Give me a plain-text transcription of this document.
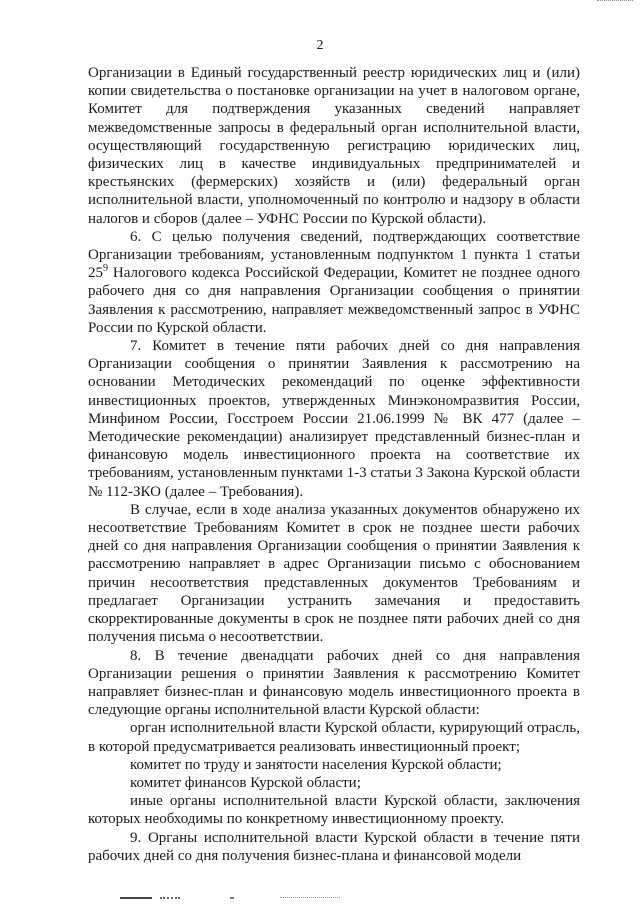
2

Организации в Единый государственный реестр юридических лиц и (или) копии свидетельства о постановке организации на учет в налоговом органе, Комитет для подтверждения указанных сведений направляет межведомственные запросы в федеральный орган исполнительной власти, осуществляющий государственную регистрацию юридических лиц, физических лиц в качестве индивидуальных предпринимателей и крестьянских (фермерских) хозяйств и (или) федеральный орган исполнительной власти, уполномоченный по контролю и надзору в области налогов и сборов (далее – УФНС России по Курской области).

6. С целью получения сведений, подтверждающих соответствие Организации требованиям, установленным подпунктом 1 пункта 1 статьи $25^9$ Налогового кодекса Российской Федерации, Комитет не позднее одного рабочего дня со дня направления Организации сообщения о принятии Заявления к рассмотрению, направляет межведомственный запрос в УФНС России по Курской области.

7. Комитет в течение пяти рабочих дней со дня направления Организации сообщения о принятии Заявления к рассмотрению на основании Методических рекомендаций по оценке эффективности инвестиционных проектов, утвержденных Минэкономразвития России, Минфином России, Госстроем России 21.06.1999 № ВК 477 (далее – Методические рекомендации) анализирует представленный бизнес-план и финансовую модель инвестиционного проекта на соответствие их требованиям, установленным пунктами 1-3 статьи 3 Закона Курской области № 112-ЗКО (далее – Требования).

В случае, если в ходе анализа указанных документов обнаружено их несоответствие Требованиям Комитет в срок не позднее шести рабочих дней со дня направления Организации сообщения о принятии Заявления к рассмотрению направляет в адрес Организации письмо с обоснованием причин несоответствия представленных документов Требованиям и предлагает Организации устранить замечания и предоставить скорректированные документы в срок не позднее пяти рабочих дней со дня получения письма о несоответствии.

8. В течение двенадцати рабочих дней со дня направления Организации решения о принятии Заявления к рассмотрению Комитет направляет бизнес-план и финансовую модель инвестиционного проекта в следующие органы исполнительной власти Курской области:

орган исполнительной власти Курской области, курирующий отрасль, в которой предусматривается реализовать инвестиционный проект;

комитет по труду и занятости населения Курской области;

комитет финансов Курской области;

иные органы исполнительной власти Курской области, заключения которых необходимы по конкретному инвестиционному проекту.

9. Органы исполнительной власти Курской области в течение пяти рабочих дней со дня получения бизнес-плана и финансовой модели
